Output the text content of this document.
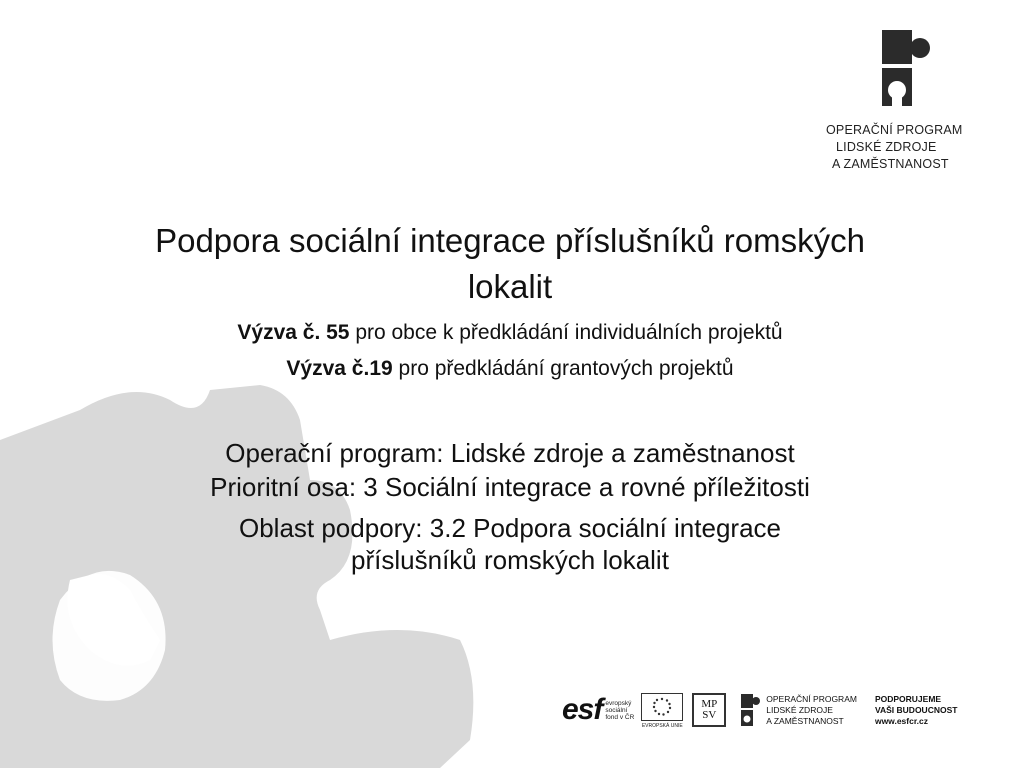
OPERAČNÍ PROGRAM
LIDSKÉ ZDROJE
A ZAMĚSTNANOST
Podpora sociální integrace příslušníků romských
lokalit
Výzva č. 55 pro obce k předkládání individuálních projektů
Výzva č.19 pro předkládání grantových projektů
Operační program: Lidské zdroje a zaměstnanost
Prioritní osa: 3 Sociální integrace a rovné příležitosti
Oblast podpory: 3.2 Podpora sociální integrace
příslušníků romských lokalit
esf evropský
sociální
fond v ČR
EVROPSKÁ UNIE
MP
SV
OPERAČNÍ PROGRAM
LIDSKÉ ZDROJE
A ZAMĚSTNANOST
PODPORUJEME
VAŠI BUDOUCNOST
www.esfcr.cz
